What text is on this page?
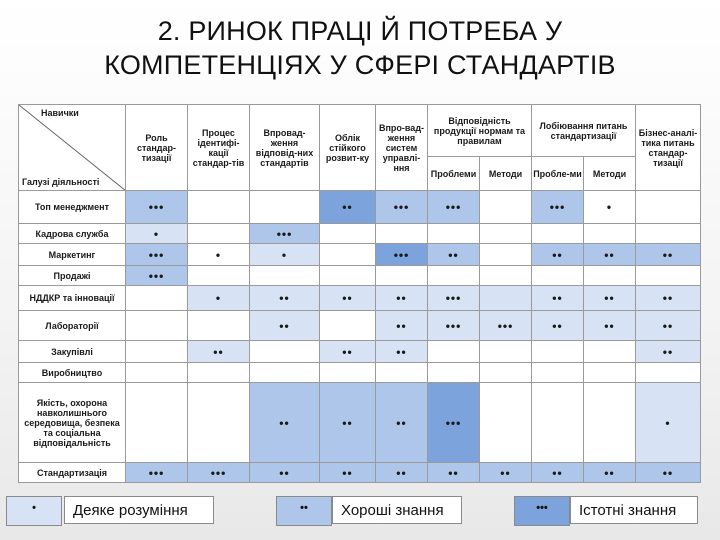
2. РИНОК ПРАЦІ Й ПОТРЕБА У
КОМПЕТЕНЦІЯХ У СФЕРІ СТАНДАРТІВ
Навички
Галузі діяльності	Роль стандар-тизації	Процес ідентифі-кації стандар-тів	Впровад-ження відповід-них стандартів	Облік стійкого розвит-ку	Впро-вад-ження систем управлі-ння	Відповідність продукції нормам та правилам		Лобіювання питань стандартизації		Бізнес-аналі-тика питань стандар-тизації
						Проблеми	Методи	Пробле-ми	Методи	
Топ менеджмент	•••			••	•••	•••		•••	•	
Кадрова служба	•		•••							
Маркетинг	•••	•	•		•••	••		••	••	••
Продажі	•••									
НДДКР та інновації		•	••	••	••	•••		••	••	••
Лабораторії			••		••	•••	•••	••	••	••
Закупівлі		••		••	••					••
Виробництво										
Якість, охорона навколишнього середовища, безпека та соціальна відповідальність			••	••	••	•••				•
Стандартизація	•••	•••	••	••	••	••	••	••	••	••
•	Деяке розуміння	••	Хороші знання	•••	Істотні знання
